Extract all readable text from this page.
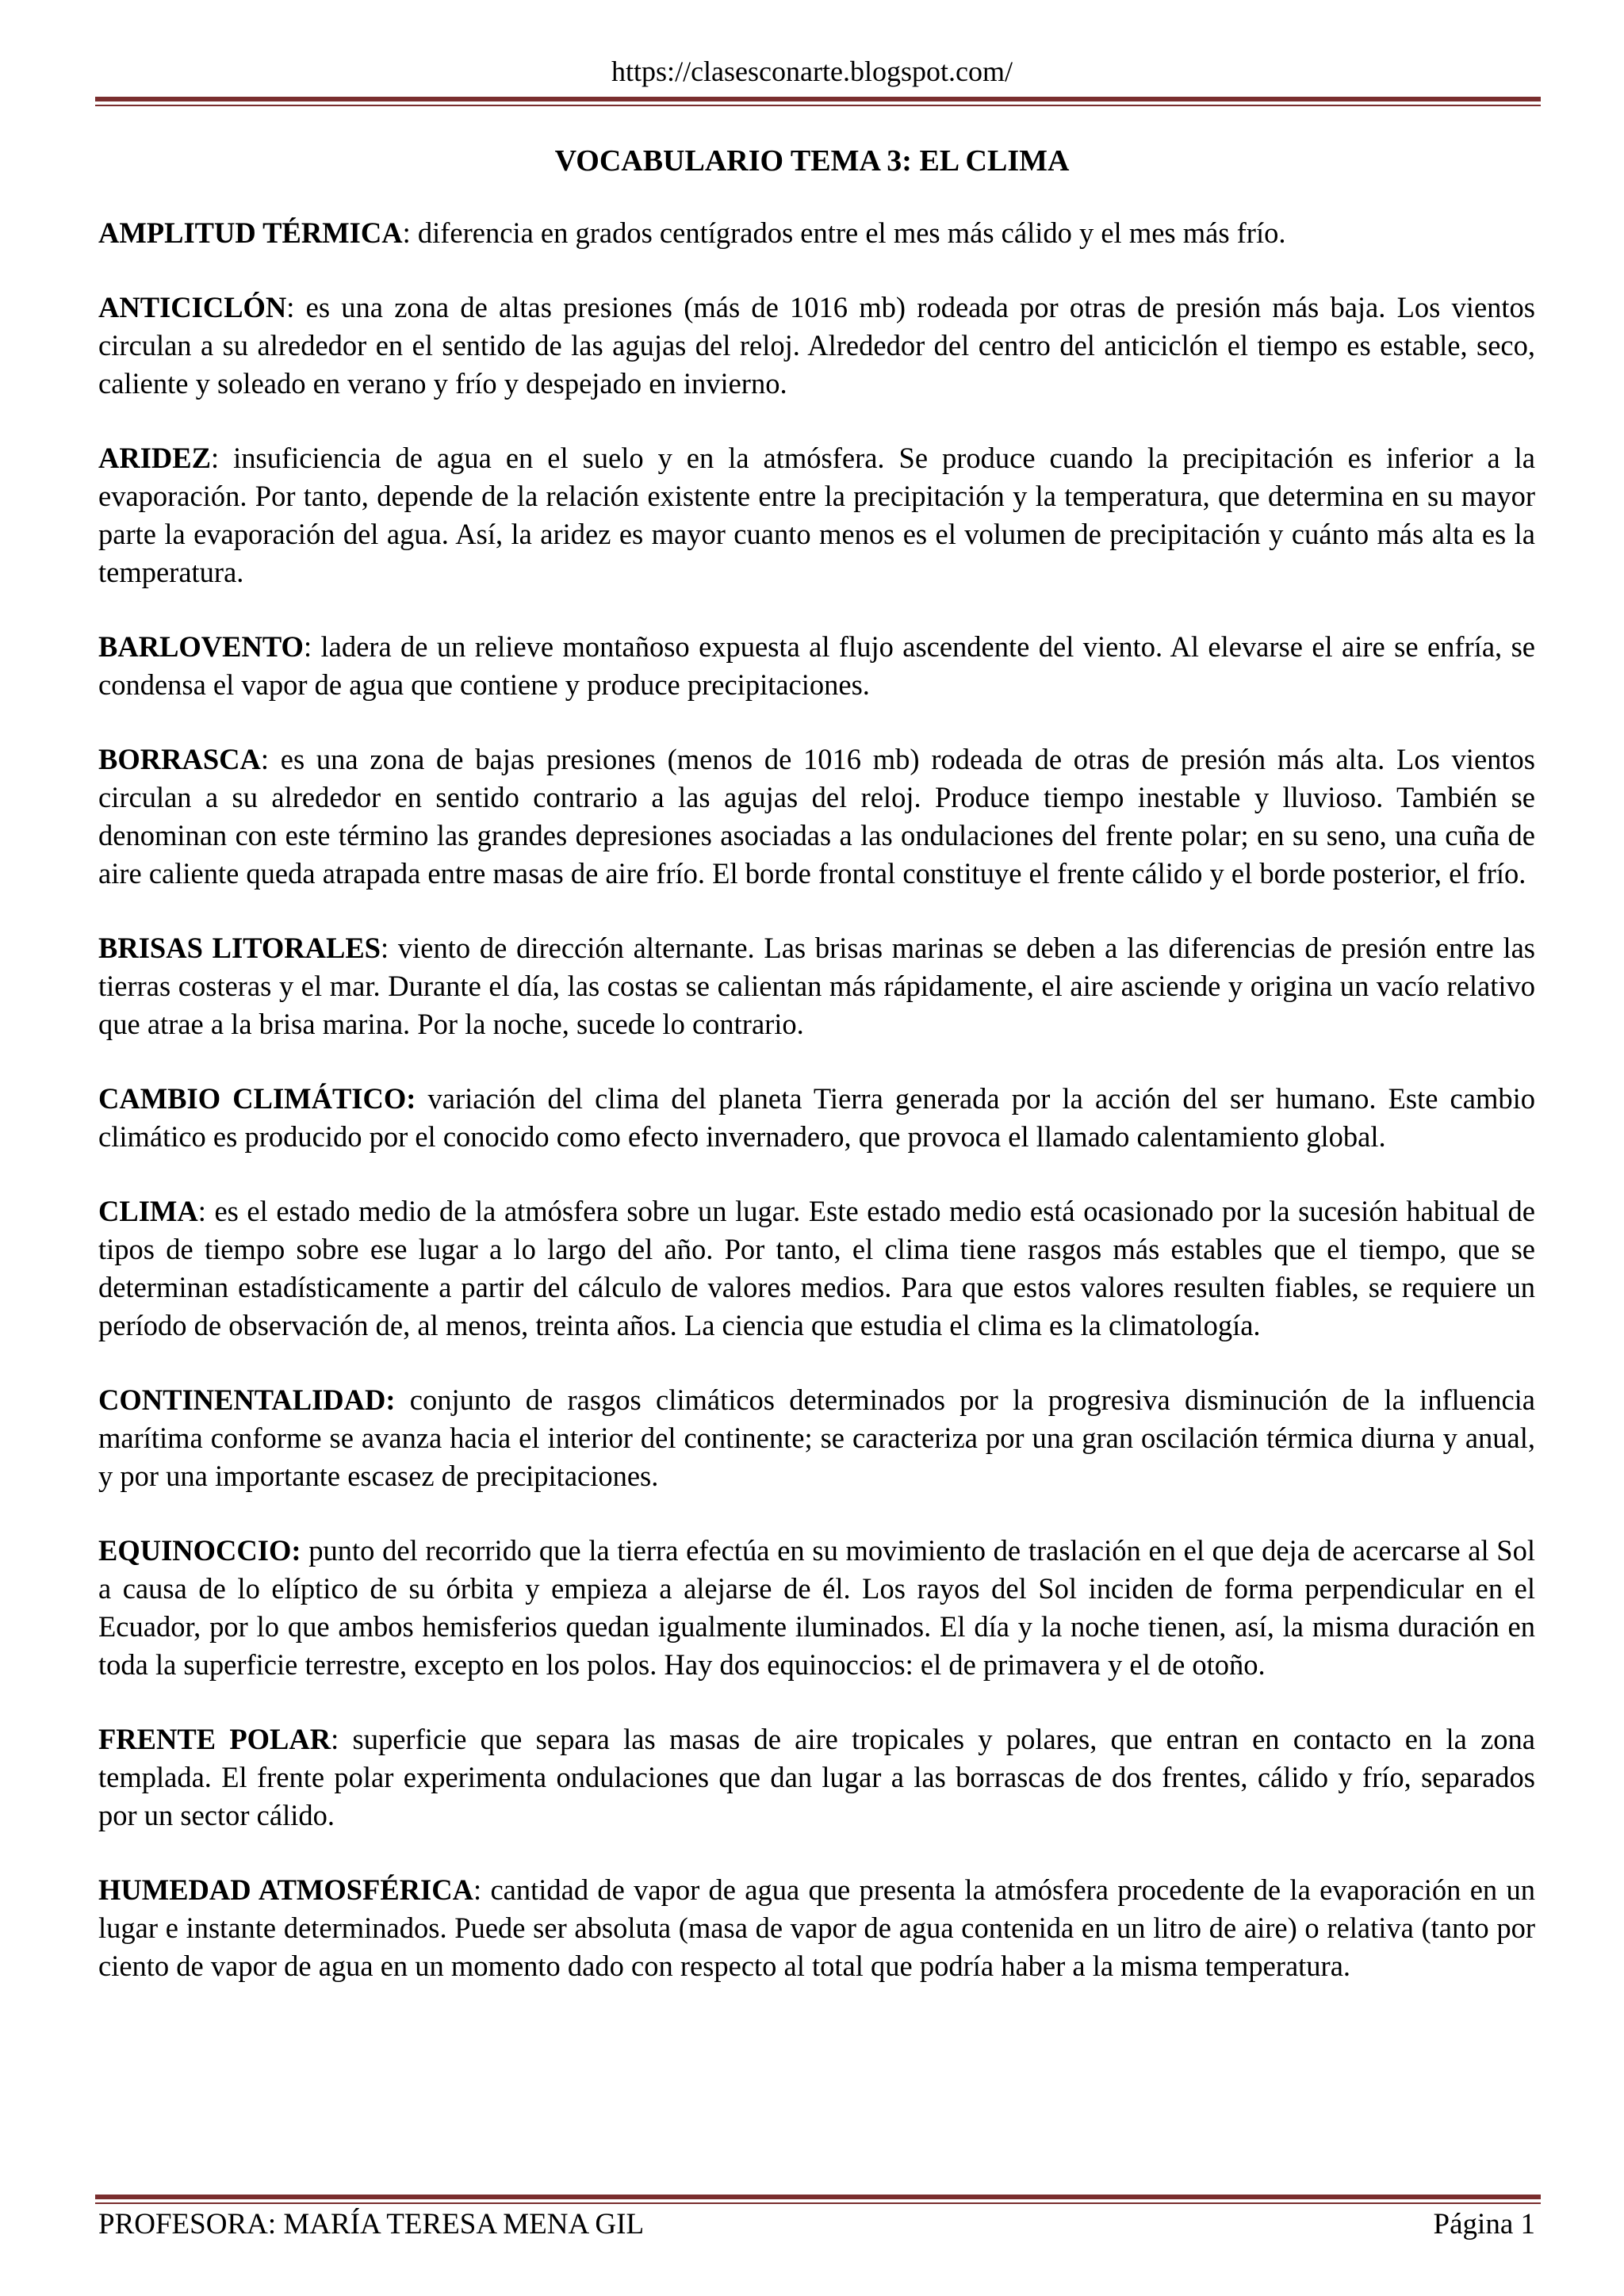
https://clasesconarte.blogspot.com/
VOCABULARIO TEMA 3: EL CLIMA

AMPLITUD TÉRMICA: diferencia en grados centígrados entre el mes más cálido y el mes más frío.

ANTICICLÓN: es una zona de altas presiones (más de 1016 mb) rodeada por otras de presión más baja. Los vientos circulan a su alrededor en el sentido de las agujas del reloj. Alrededor del centro del anticiclón el tiempo es estable, seco, caliente y soleado en verano y frío y despejado en invierno.

ARIDEZ: insuficiencia de agua en el suelo y en la atmósfera. Se produce cuando la precipitación es inferior a la evaporación. Por tanto, depende de la relación existente entre la precipitación y la temperatura, que determina en su mayor parte la evaporación del agua. Así, la aridez es mayor cuanto menos es el volumen de precipitación y cuánto más alta es la temperatura.

BARLOVENTO: ladera de un relieve montañoso expuesta al flujo ascendente del viento. Al elevarse el aire se enfría, se condensa el vapor de agua que contiene y produce precipitaciones.

BORRASCA: es una zona de bajas presiones (menos de 1016 mb) rodeada de otras de presión más alta. Los vientos circulan a su alrededor en sentido contrario a las agujas del reloj. Produce tiempo inestable y lluvioso. También se denominan con este término las grandes depresiones asociadas a las ondulaciones del frente polar; en su seno, una cuña de aire caliente queda atrapada entre masas de aire frío. El borde frontal constituye el frente cálido y el borde posterior, el frío.

BRISAS LITORALES: viento de dirección alternante. Las brisas marinas se deben a las diferencias de presión entre las tierras costeras y el mar. Durante el día, las costas se calientan más rápidamente, el aire asciende y origina un vacío relativo que atrae a la brisa marina. Por la noche, sucede lo contrario.

CAMBIO CLIMÁTICO: variación del clima del planeta Tierra generada por la acción del ser humano. Este cambio climático es producido por el conocido como efecto invernadero, que provoca el llamado calentamiento global.

CLIMA: es el estado medio de la atmósfera sobre un lugar. Este estado medio está ocasionado por la sucesión habitual de tipos de tiempo sobre ese lugar a lo largo del año. Por tanto, el clima tiene rasgos más estables que el tiempo, que se determinan estadísticamente a partir del cálculo de valores medios. Para que estos valores resulten fiables, se requiere un período de observación de, al menos, treinta años. La ciencia que estudia el clima es la climatología.

CONTINENTALIDAD: conjunto de rasgos climáticos determinados por la progresiva disminución de la influencia marítima conforme se avanza hacia el interior del continente; se caracteriza por una gran oscilación térmica diurna y anual, y por una importante escasez de precipitaciones.

EQUINOCCIO: punto del recorrido que la tierra efectúa en su movimiento de traslación en el que deja de acercarse al Sol a causa de lo elíptico de su órbita y empieza a alejarse de él. Los rayos del Sol inciden de forma perpendicular en el Ecuador, por lo que ambos hemisferios quedan igualmente iluminados. El día y la noche tienen, así, la misma duración en toda la superficie terrestre, excepto en los polos. Hay dos equinoccios: el de primavera y el de otoño.

FRENTE POLAR: superficie que separa las masas de aire tropicales y polares, que entran en contacto en la zona templada. El frente polar experimenta ondulaciones que dan lugar a las borrascas de dos frentes, cálido y frío, separados por un sector cálido.

HUMEDAD ATMOSFÉRICA: cantidad de vapor de agua que presenta la atmósfera procedente de la evaporación en un lugar e instante determinados. Puede ser absoluta (masa de vapor de agua contenida en un litro de aire) o relativa (tanto por ciento de vapor de agua en un momento dado con respecto al total que podría haber a la misma temperatura.

PROFESORA: MARÍA TERESA MENA GIL	Página 1
